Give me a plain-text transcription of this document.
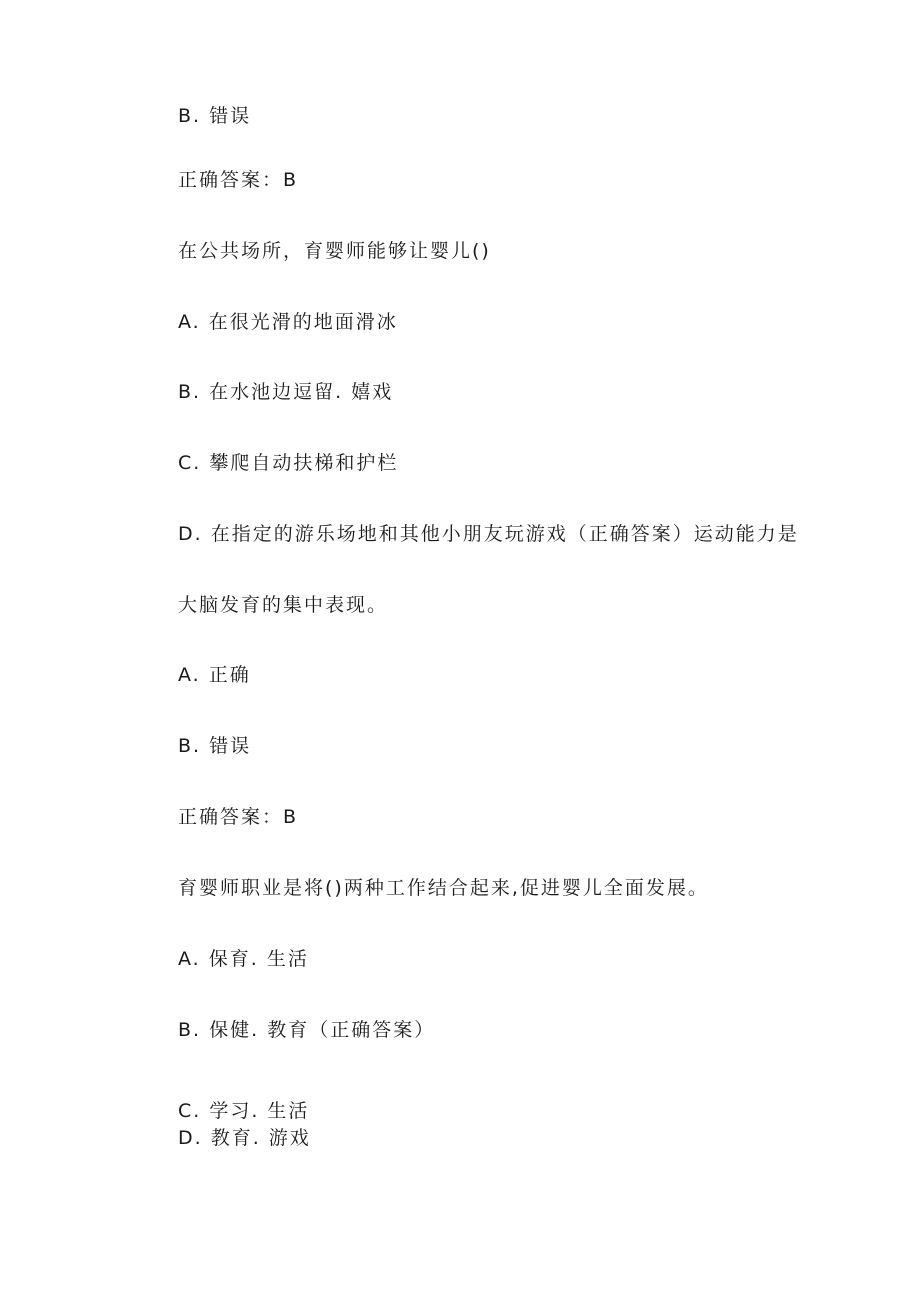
B. 错误
正确答案：B
在公共场所，育婴师能够让婴儿()
A. 在很光滑的地面滑冰
B. 在水池边逗留. 嬉戏
C. 攀爬自动扶梯和护栏
D. 在指定的游乐场地和其他小朋友玩游戏（正确答案）运动能力是
大脑发育的集中表现。
A. 正确
B. 错误
正确答案：B
育婴师职业是将()两种工作结合起来,促进婴儿全面发展。
A. 保育. 生活
B. 保健. 教育（正确答案）
C. 学习. 生活
D. 教育. 游戏
